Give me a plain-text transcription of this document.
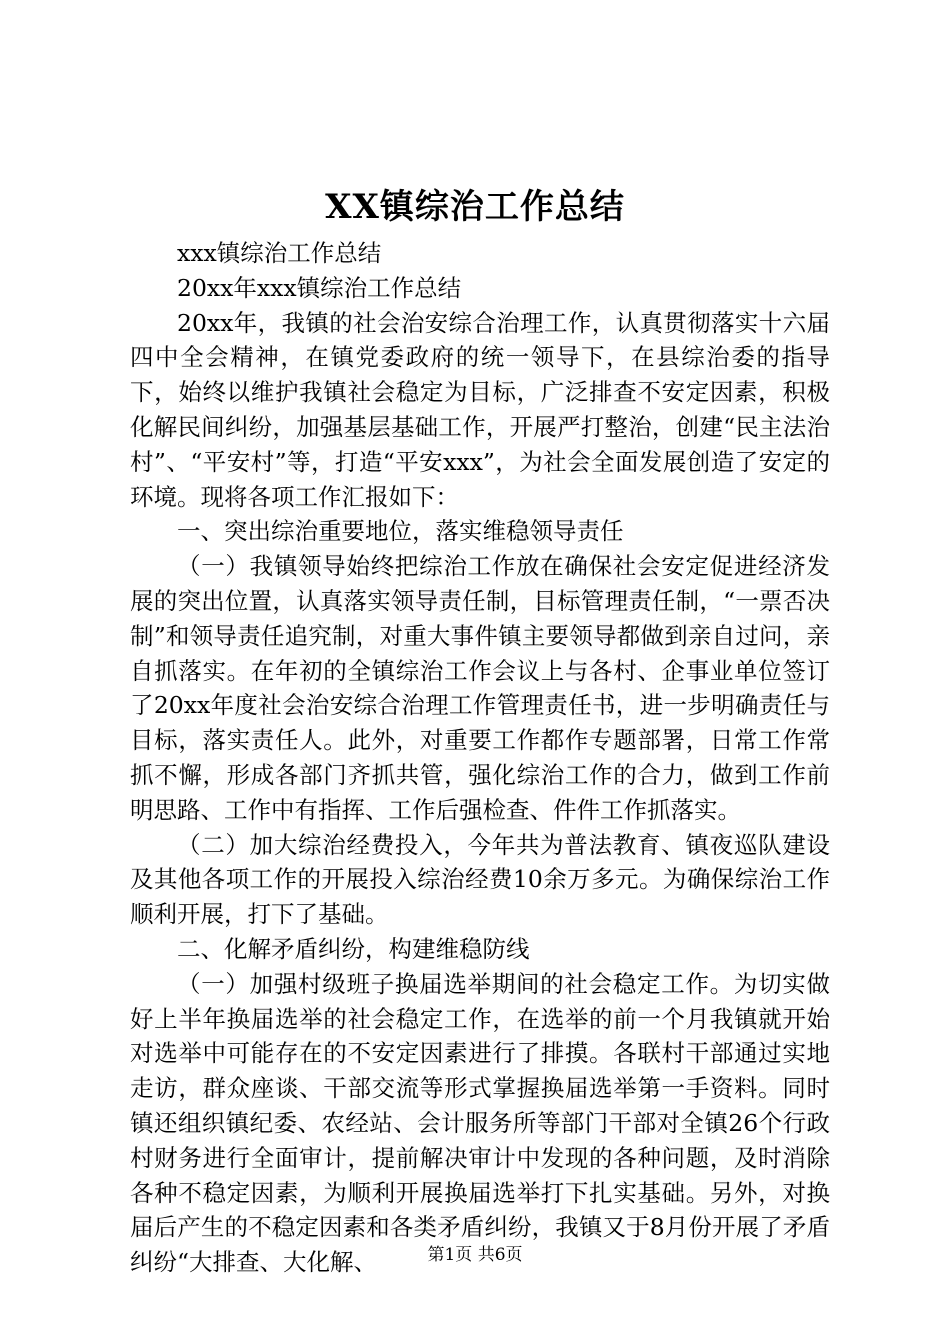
XX镇综治工作总结

xxx镇综治工作总结

20xx年xxx镇综治工作总结

20xx年，我镇的社会治安综合治理工作，认真贯彻落实十六届四中全会精神，在镇党委政府的统一领导下，在县综治委的指导下，始终以维护我镇社会稳定为目标，广泛排查不安定因素，积极化解民间纠纷，加强基层基础工作，开展严打整治，创建“民主法治村”、“平安村”等，打造“平安xxx”，为社会全面发展创造了安定的环境。现将各项工作汇报如下：

一、突出综治重要地位，落实维稳领导责任

（一）我镇领导始终把综治工作放在确保社会安定促进经济发展的突出位置，认真落实领导责任制，目标管理责任制，“一票否决制”和领导责任追究制，对重大事件镇主要领导都做到亲自过问，亲自抓落实。在年初的全镇综治工作会议上与各村、企事业单位签订了20xx年度社会治安综合治理工作管理责任书，进一步明确责任与目标，落实责任人。此外，对重要工作都作专题部署，日常工作常抓不懈，形成各部门齐抓共管，强化综治工作的合力，做到工作前明思路、工作中有指挥、工作后强检查、件件工作抓落实。

（二）加大综治经费投入，今年共为普法教育、镇夜巡队建设及其他各项工作的开展投入综治经费10余万多元。为确保综治工作顺利开展，打下了基础。

二、化解矛盾纠纷，构建维稳防线

（一）加强村级班子换届选举期间的社会稳定工作。为切实做好上半年换届选举的社会稳定工作，在选举的前一个月我镇就开始对选举中可能存在的不安定因素进行了排摸。各联村干部通过实地走访，群众座谈、干部交流等形式掌握换届选举第一手资料。同时镇还组织镇纪委、农经站、会计服务所等部门干部对全镇26个行政村财务进行全面审计，提前解决审计中发现的各种问题，及时消除各种不稳定因素，为顺利开展换届选举打下扎实基础。另外，对换届后产生的不稳定因素和各类矛盾纠纷，我镇又于8月份开展了矛盾纠纷“大排查、大化解、	第1页 共6页
